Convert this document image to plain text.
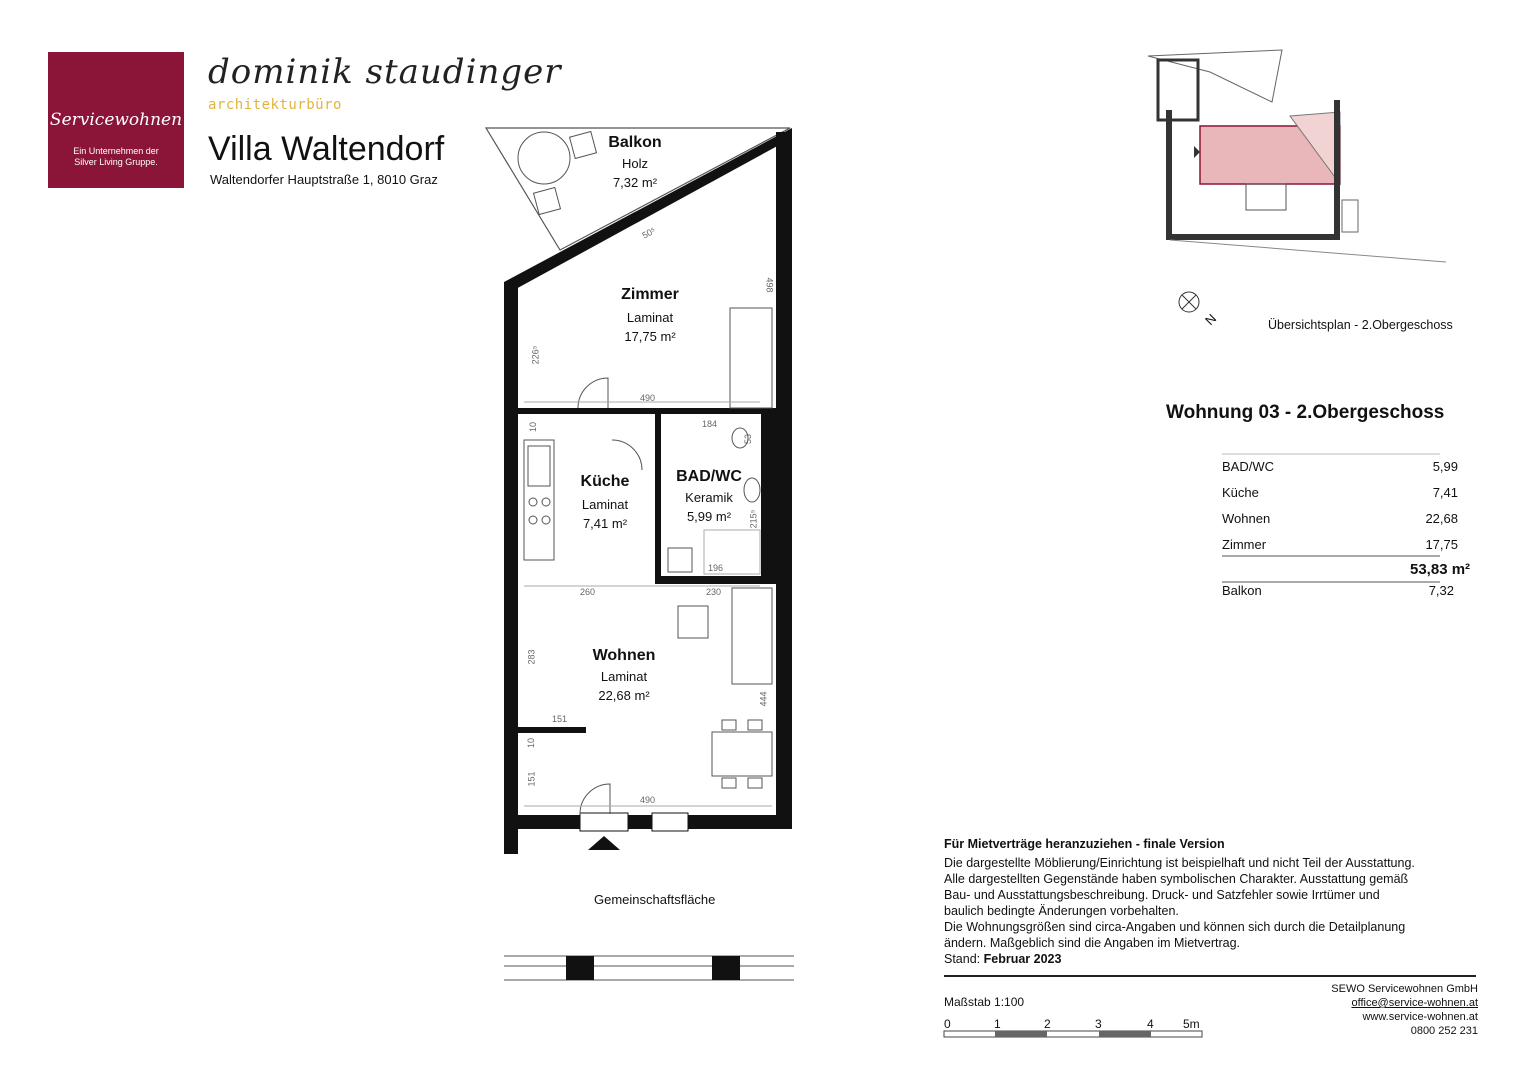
Servicewohnen
Ein Unternehmen der
Silver Living Gruppe.
dominik staudinger
architekturbüro
Villa Waltendorf
Waltendorfer Hauptstraße 1, 8010 Graz
Balkon
Holz
7,32 m²
Zimmer
Laminat
17,75 m²
Küche
Laminat
7,41 m²
BAD/WC
Keramik
5,99 m²
Wohnen
Laminat
22,68 m²
490
498
226⁵
10	184
53
215⁵
196
260	230
283
444
151
10
151
490
50⁵
Gemeinschaftsfläche
N	Übersichtsplan - 2.Obergeschoss
Wohnung 03 - 2.Obergeschoss
BAD/WC	5,99
Küche	7,41
Wohnen	22,68
Zimmer	17,75
53,83 m²
Balkon	7,32
Für Mietverträge heranzuziehen - finale Version
Die dargestellte Möblierung/Einrichtung ist beispielhaft und nicht Teil der Ausstattung.
Alle dargestellten Gegenstände haben symbolischen Charakter. Ausstattung gemäß
Bau- und Ausstattungsbeschreibung. Druck- und Satzfehler sowie Irrtümer und
baulich bedingte Änderungen vorbehalten.
Die Wohnungsgrößen sind circa-Angaben und können sich durch die Detailplanung
ändern. Maßgeblich sind die Angaben im Mietvertrag.
Stand: Februar 2023
SEWO Servicewohnen GmbH
office@service-wohnen.at
www.service-wohnen.at
0800 252 231
Maßstab 1:100
0	1	2	3	4 5m
